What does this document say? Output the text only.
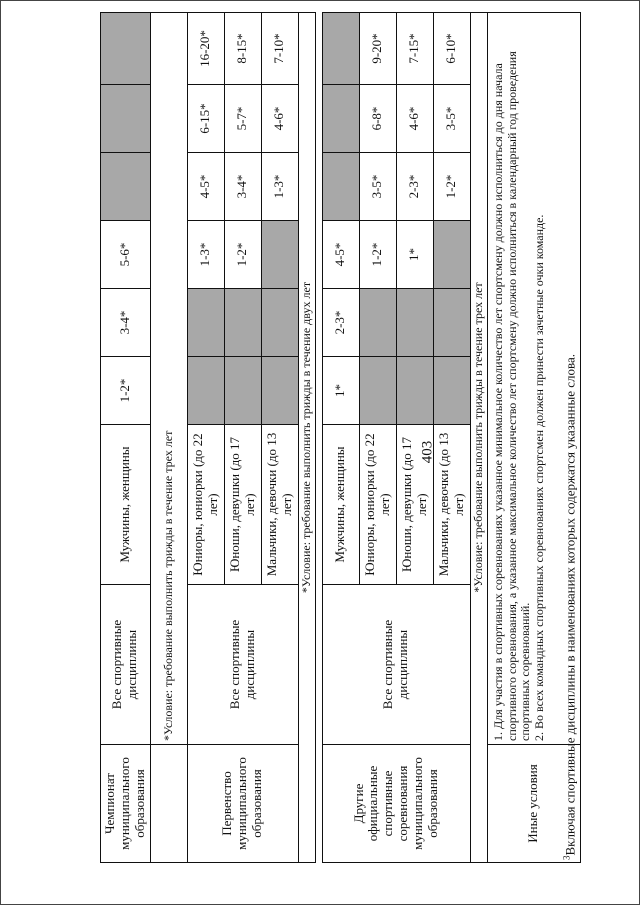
403
Чемпионат муниципального образования	Все спортивные дисциплины	Мужчины, женщины	1-2*	3-4*	5-6*			
	*Условие: требование выполнить трижды в течение трех лет							
Первенство муниципального образования	Все спортивные дисциплины	Юниоры, юниорки (до 22 лет)			1-3*	4-5*	6-15*	16-20*
		Юноши, девушки (до 17 лет)			1-2*	3-4*	5-7*	8-15*
		Мальчики, девочки (до 13 лет)				1-3*	4-6*	7-10*
*Условие: требование выполнить трижды в течение двух лет								

Другие официальные спортивные соревнования муниципального образования	Все спортивные дисциплины	Мужчины, женщины	1*	2-3*	4-5*			
		Юниоры, юниорки (до 22 лет)			1-2*	3-5*	6-8*	9-20*
		Юноши, девушки (до 17 лет)			1*	2-3*	4-6*	7-15*
		Мальчики, девочки (до 13 лет)				1-2*	3-5*	6-10*
*Условие: требование выполнить трижды в течение трех лет								
Иные условия	1. Для участия в спортивных соревнованиях указанное минимальное количество лет спортсмену должно исполниться до дня начала спортивного соревнования, а указанное максимальное количество лет спортсмену должно исполниться в календарный год проведения спортивных соревнований. 2. Во всех командных спортивных соревнованиях спортсмен должен принести зачетные очки команде.							
$^3$Включая спортивные дисциплины в наименованиях которых содержатся указанные слова.
